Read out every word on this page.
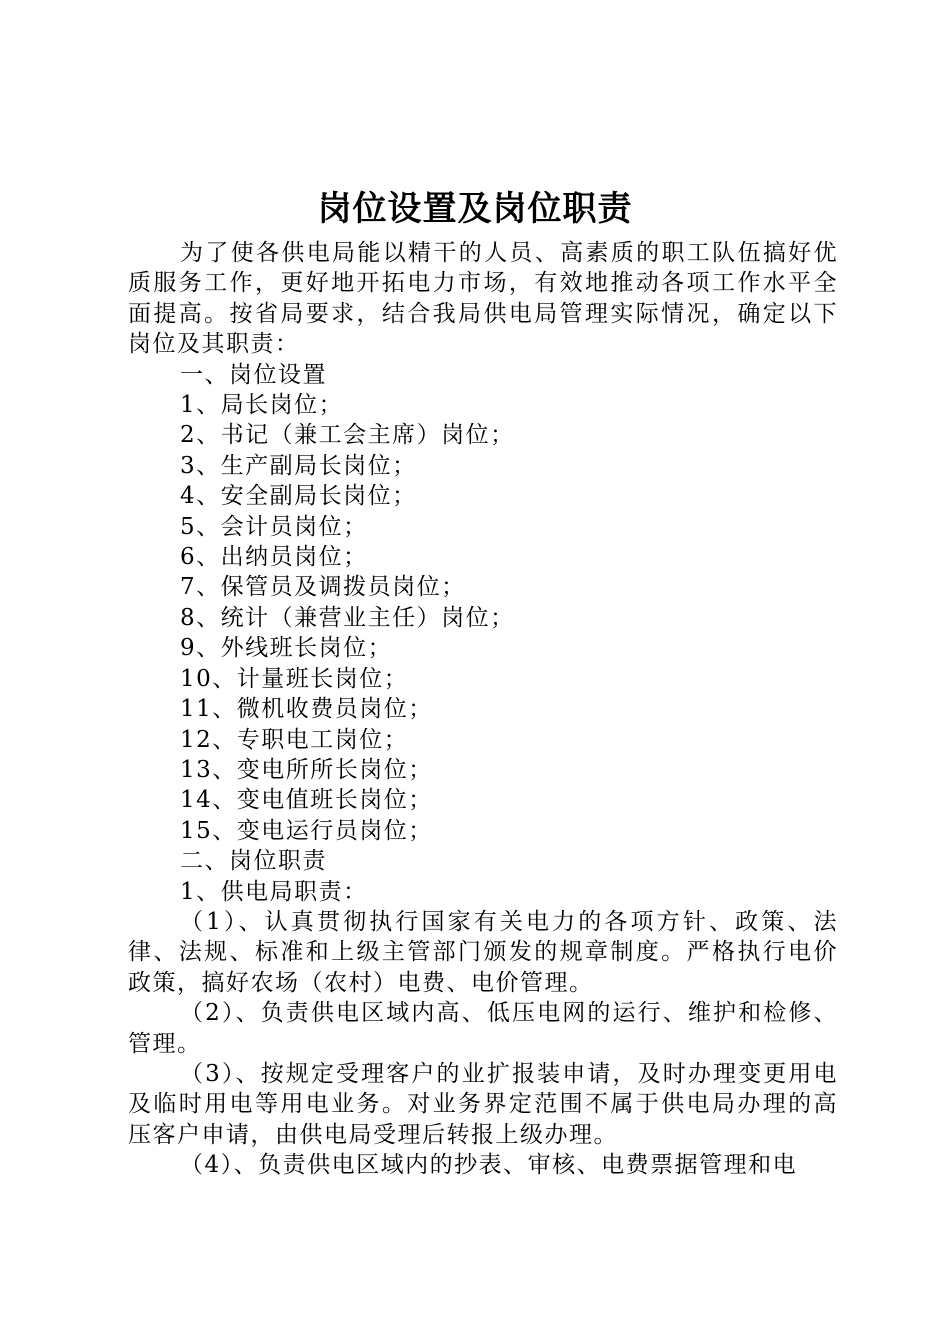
岗位设置及岗位职责

为了使各供电局能以精干的人员、高素质的职工队伍搞好优质服务工作，更好地开拓电力市场，有效地推动各项工作水平全面提高。按省局要求，结合我局供电局管理实际情况，确定以下岗位及其职责：

一、岗位设置

1、局长岗位；

2、书记（兼工会主席）岗位；

3、生产副局长岗位；

4、安全副局长岗位；

5、会计员岗位；

6、出纳员岗位；

7、保管员及调拨员岗位；

8、统计（兼营业主任）岗位；

9、外线班长岗位；

10、计量班长岗位；

11、微机收费员岗位；

12、专职电工岗位；

13、变电所所长岗位；

14、变电值班长岗位；

15、变电运行员岗位；

二、岗位职责

1、供电局职责：

（1）、认真贯彻执行国家有关电力的各项方针、政策、法律、法规、标准和上级主管部门颁发的规章制度。严格执行电价政策，搞好农场（农村）电费、电价管理。

（2）、负责供电区域内高、低压电网的运行、维护和检修、管理。

（3）、按规定受理客户的业扩报装申请，及时办理变更用电及临时用电等用电业务。对业务界定范围不属于供电局办理的高压客户申请，由供电局受理后转报上级办理。

（4）、负责供电区域内的抄表、审核、电费票据管理和电
